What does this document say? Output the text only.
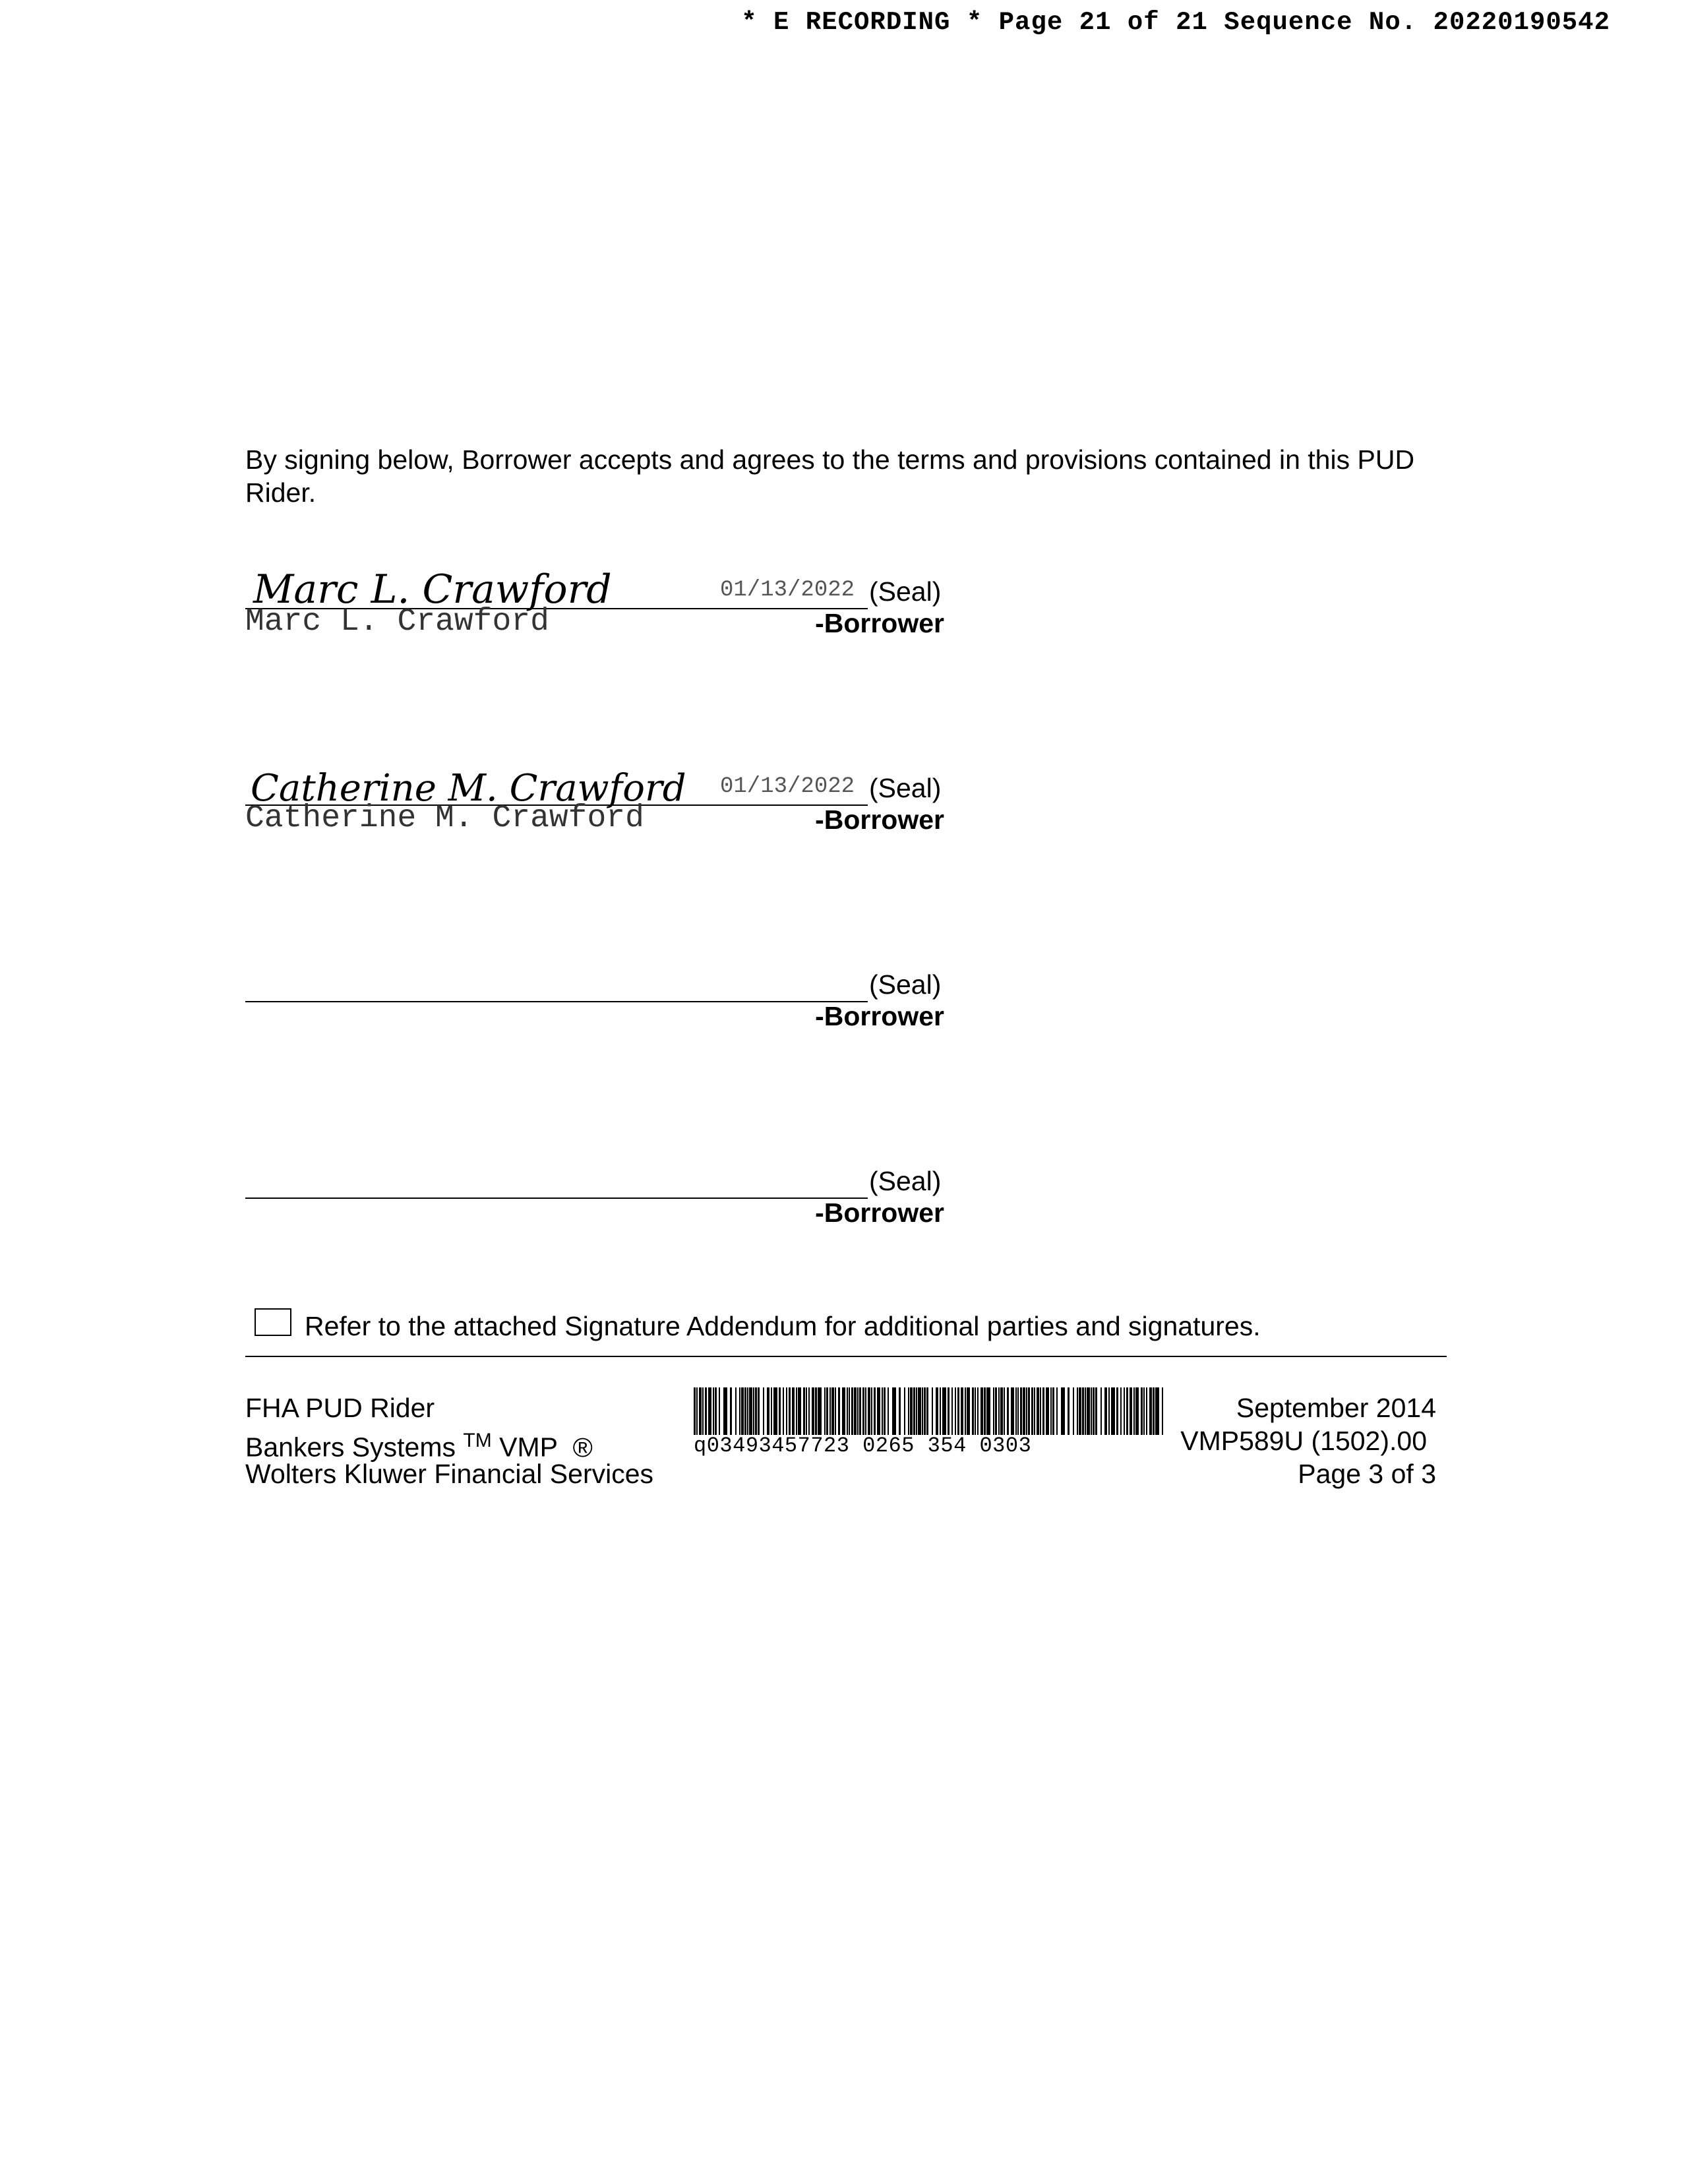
* E RECORDING * Page 21 of 21 Sequence No. 20220190542
By signing below, Borrower accepts and agrees to the terms and provisions contained in this PUD Rider.
Marc L. Crawford	01/13/2022 (Seal)
Marc L. Crawford	-Borrower
Catherine M. Crawford 01/13/2022 (Seal)
Catherine M. Crawford	-Borrower
(Seal)
-Borrower
(Seal)
-Borrower
Refer to the attached Signature Addendum for additional parties and signatures.
FHA PUD Rider
Bankers Systems ™ VMP ®
Wolters Kluwer Financial Services
q03493457723 0265 354 0303
September 2014
VMP589U (1502).00
Page 3 of 3
